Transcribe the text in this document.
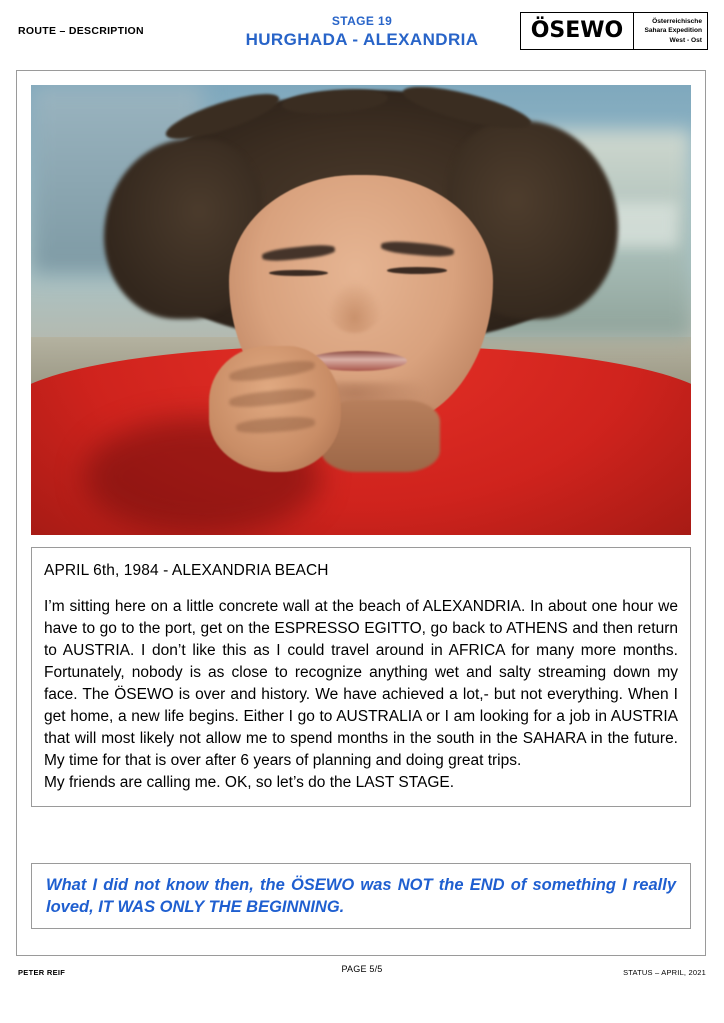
ROUTE – DESCRIPTION
STAGE 19
HURGHADA - ALEXANDRIA	ÖSEWO	Österreichische
Sahara Expedition
West - Ost
APRIL 6th, 1984 - ALEXANDRIA BEACH

I’m sitting here on a little concrete wall at the beach of ALEXANDRIA. In about one hour we have to go to the port, get on the ESPRESSO EGITTO, go back to ATHENS and then return to AUSTRIA. I don’t like this as I could travel around in AFRICA for many more months. Fortunately, nobody is as close to recognize anything wet and salty streaming down my face. The ÖSEWO is over and history. We have achieved a lot,- but not everything. When I get home, a new life begins. Either I go to AUSTRALIA or I am looking for a job in AUSTRIA that will most likely not allow me to spend months in the south in the SAHARA in the future. My time for that is over after 6 years of planning and doing great trips.

My friends are calling me. OK, so let’s do the LAST STAGE.

What I did not know then, the ÖSEWO was NOT the END of something I really loved, IT WAS ONLY THE BEGINNING.
PETER REIF	PAGE 5/5	STATUS – APRIL, 2021
